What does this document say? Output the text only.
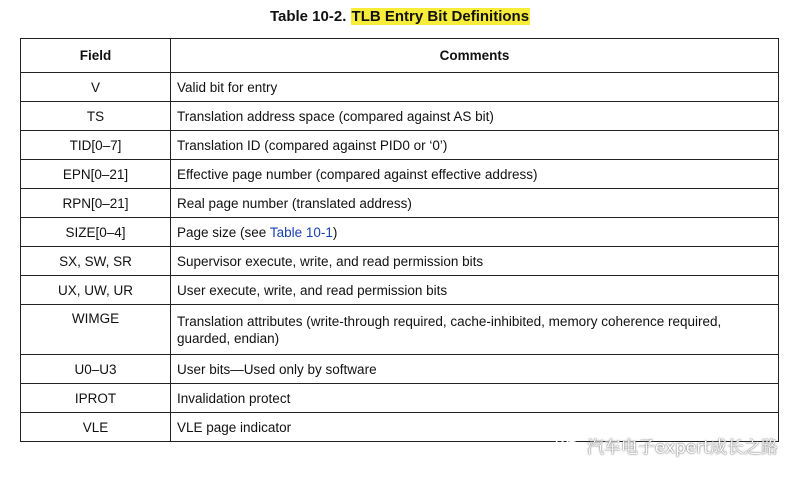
Table 10-2. TLB Entry Bit Definitions
Field	Comments
V	Valid bit for entry
TS	Translation address space (compared against AS bit)
TID[0–7]	Translation ID (compared against PID0 or ‘0’)
EPN[0–21]	Effective page number (compared against effective address)
RPN[0–21]	Real page number (translated address)
SIZE[0–4]	Page size (see Table 10-1)
SX, SW, SR	Supervisor execute, write, and read permission bits
UX, UW, UR	User execute, write, and read permission bits
WIMGE	Translation attributes (write-through required, cache-inhibited, memory coherence required, guarded, endian)
U0–U3	User bits—Used only by software
IPROT	Invalidation protect
VLE	VLE page indicator
汽车电子expert成长之路
